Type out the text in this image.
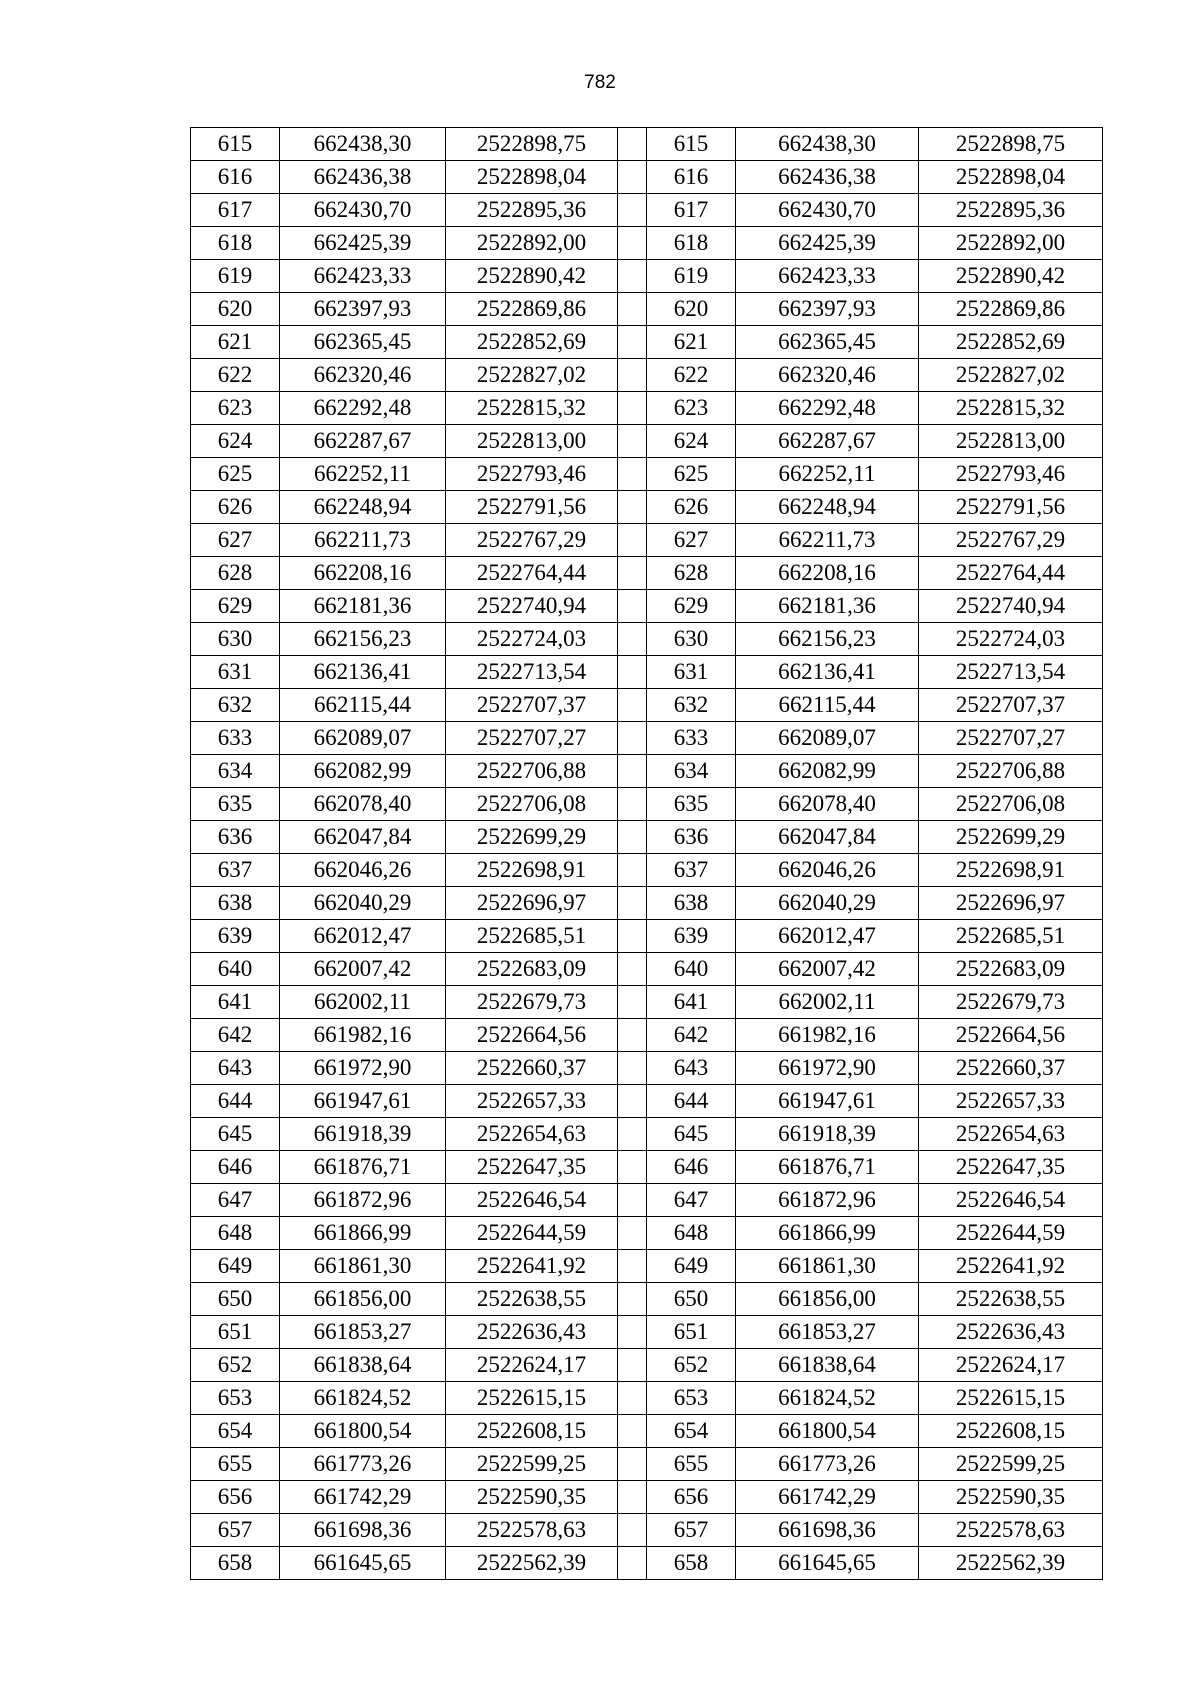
782
615	662438,30	2522898,75		615	662438,30	2522898,75
616	662436,38	2522898,04		616	662436,38	2522898,04
617	662430,70	2522895,36		617	662430,70	2522895,36
618	662425,39	2522892,00		618	662425,39	2522892,00
619	662423,33	2522890,42		619	662423,33	2522890,42
620	662397,93	2522869,86		620	662397,93	2522869,86
621	662365,45	2522852,69		621	662365,45	2522852,69
622	662320,46	2522827,02		622	662320,46	2522827,02
623	662292,48	2522815,32		623	662292,48	2522815,32
624	662287,67	2522813,00		624	662287,67	2522813,00
625	662252,11	2522793,46		625	662252,11	2522793,46
626	662248,94	2522791,56		626	662248,94	2522791,56
627	662211,73	2522767,29		627	662211,73	2522767,29
628	662208,16	2522764,44		628	662208,16	2522764,44
629	662181,36	2522740,94		629	662181,36	2522740,94
630	662156,23	2522724,03		630	662156,23	2522724,03
631	662136,41	2522713,54		631	662136,41	2522713,54
632	662115,44	2522707,37		632	662115,44	2522707,37
633	662089,07	2522707,27		633	662089,07	2522707,27
634	662082,99	2522706,88		634	662082,99	2522706,88
635	662078,40	2522706,08		635	662078,40	2522706,08
636	662047,84	2522699,29		636	662047,84	2522699,29
637	662046,26	2522698,91		637	662046,26	2522698,91
638	662040,29	2522696,97		638	662040,29	2522696,97
639	662012,47	2522685,51		639	662012,47	2522685,51
640	662007,42	2522683,09		640	662007,42	2522683,09
641	662002,11	2522679,73		641	662002,11	2522679,73
642	661982,16	2522664,56		642	661982,16	2522664,56
643	661972,90	2522660,37		643	661972,90	2522660,37
644	661947,61	2522657,33		644	661947,61	2522657,33
645	661918,39	2522654,63		645	661918,39	2522654,63
646	661876,71	2522647,35		646	661876,71	2522647,35
647	661872,96	2522646,54		647	661872,96	2522646,54
648	661866,99	2522644,59		648	661866,99	2522644,59
649	661861,30	2522641,92		649	661861,30	2522641,92
650	661856,00	2522638,55		650	661856,00	2522638,55
651	661853,27	2522636,43		651	661853,27	2522636,43
652	661838,64	2522624,17		652	661838,64	2522624,17
653	661824,52	2522615,15		653	661824,52	2522615,15
654	661800,54	2522608,15		654	661800,54	2522608,15
655	661773,26	2522599,25		655	661773,26	2522599,25
656	661742,29	2522590,35		656	661742,29	2522590,35
657	661698,36	2522578,63		657	661698,36	2522578,63
658	661645,65	2522562,39		658	661645,65	2522562,39
